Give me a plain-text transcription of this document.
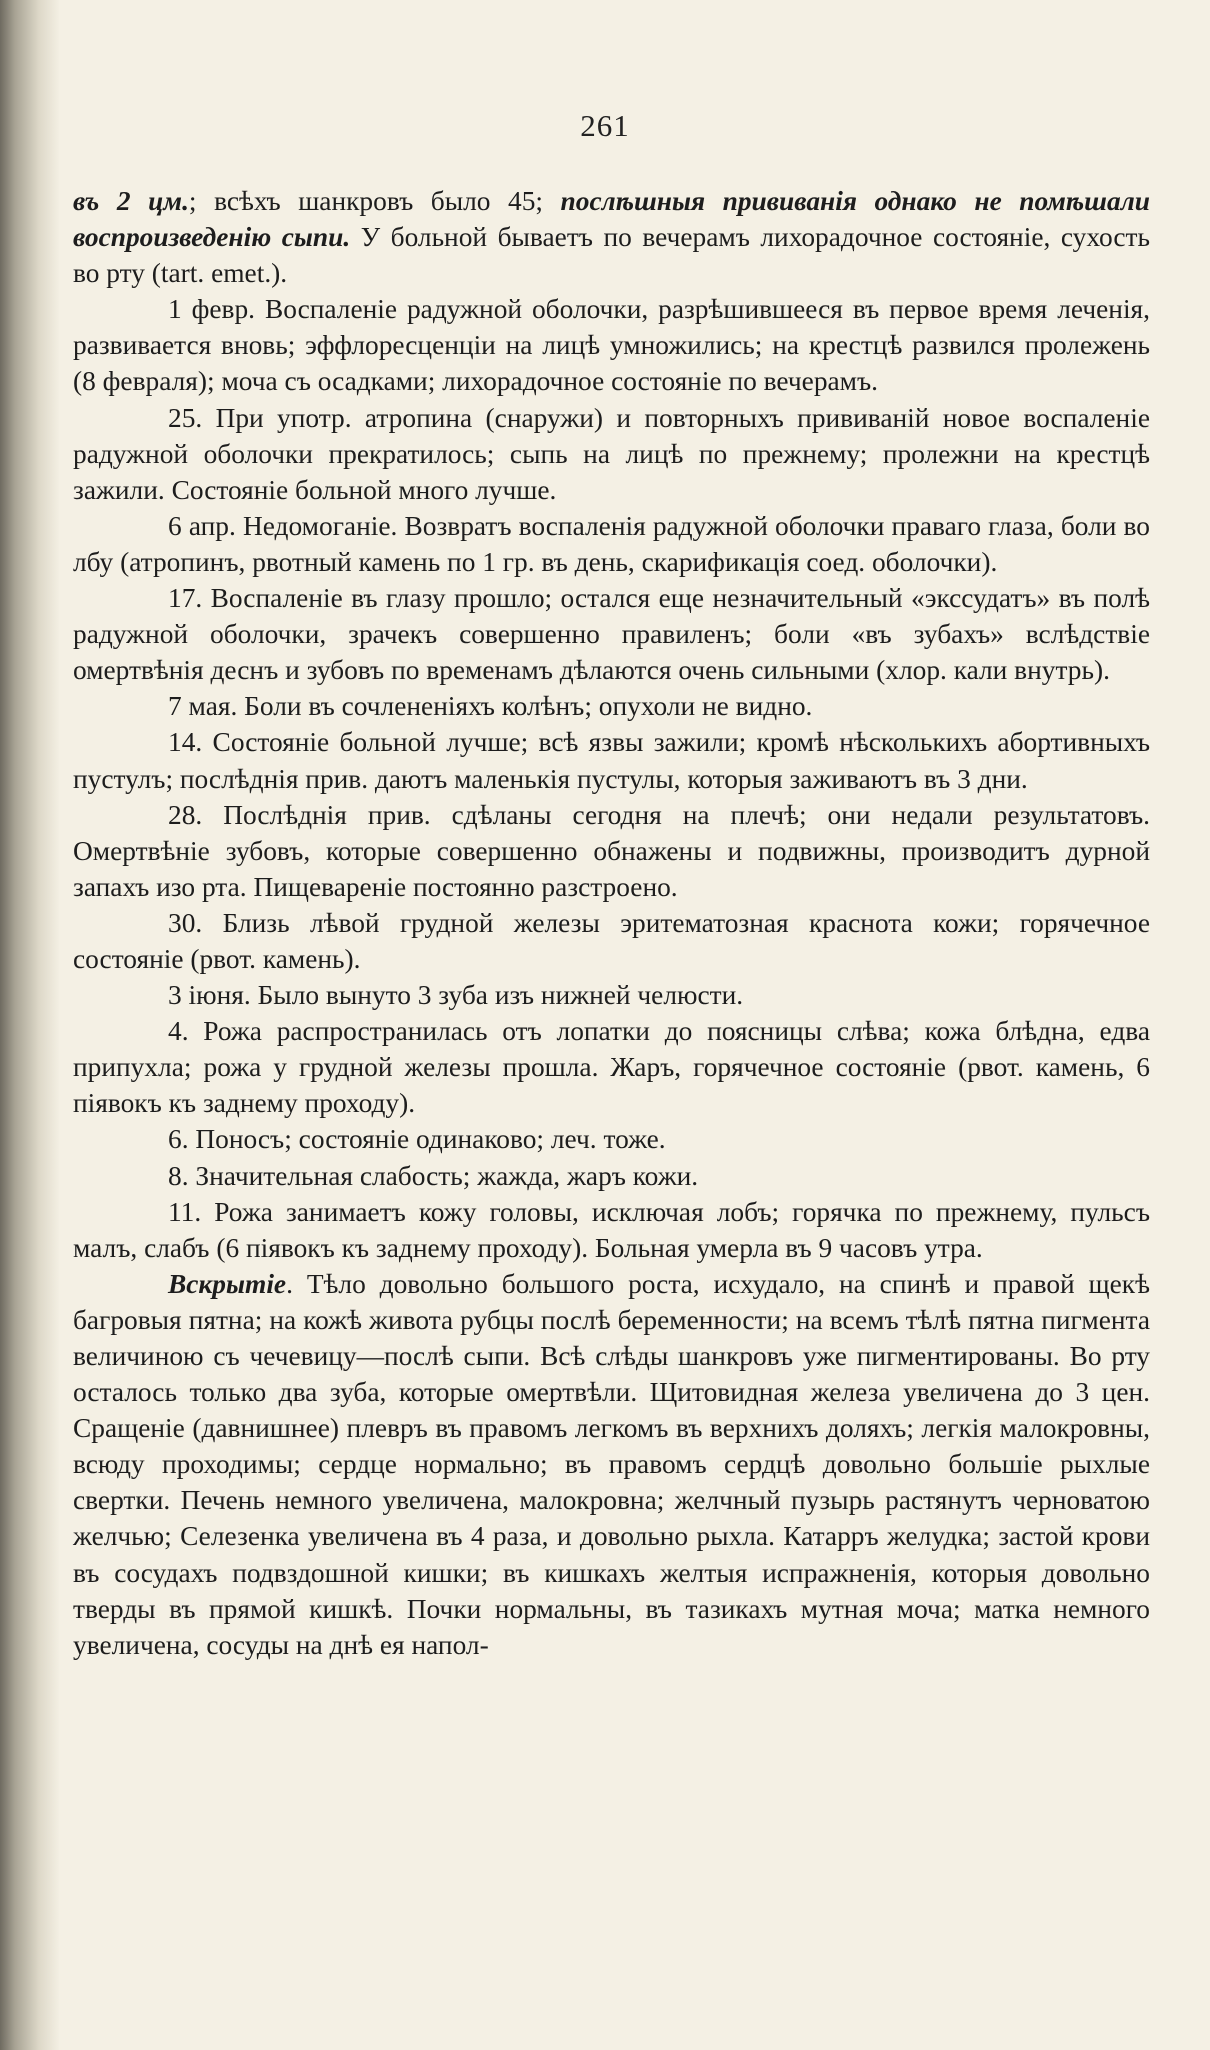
261

въ 2 цм.; всѣхъ шанкровъ было 45; послѣшныя прививанія однако не помѣшали воспроизведенію сыпи. У больной бываетъ по вечерамъ лихорадочное состояніе, сухость во рту (tart. emet.).

1 февр. Воспаленіе радужной оболочки, разрѣшившееся въ первое время леченія, развивается вновь; эффлоресценціи на лицѣ умножились; на крестцѣ развился пролежень (8 февраля); моча съ осадками; лихорадочное состояніе по вечерамъ.

25. При употр. атропина (снаружи) и повторныхъ прививаній новое воспаленіе радужной оболочки прекратилось; сыпь на лицѣ по прежнему; пролежни на крестцѣ зажили. Состояніе больной много лучше.

6 апр. Недомоганіе. Возвратъ воспаленія радужной оболочки праваго глаза, боли во лбу (атропинъ, рвотный камень по 1 гр. въ день, скарификація соед. оболочки).

17. Воспаленіе въ глазу прошло; остался еще незначительный «экссудатъ» въ полѣ радужной оболочки, зрачекъ совершенно правиленъ; боли «въ зубахъ» вслѣдствіе омертвѣнія деснъ и зубовъ по временамъ дѣлаются очень сильными (хлор. кали внутрь).

7 мая. Боли въ сочлененіяхъ колѣнъ; опухоли не видно.

14. Состояніе больной лучше; всѣ язвы зажили; кромѣ нѣсколькихъ абортивныхъ пустулъ; послѣднія прив. даютъ маленькія пустулы, которыя заживаютъ въ 3 дни.

28. Послѣднія прив. сдѣланы сегодня на плечѣ; они недали результатовъ. Омертвѣніе зубовъ, которые совершенно обнажены и подвижны, производитъ дурной запахъ изо рта. Пищевареніе постоянно разстроено.

30. Близь лѣвой грудной железы эритематозная краснота кожи; горячечное состояніе (рвот. камень).

3 іюня. Было вынуто 3 зуба изъ нижней челюсти.

4. Рожа распространилась отъ лопатки до поясницы слѣва; кожа блѣдна, едва припухла; рожа у грудной железы прошла. Жаръ, горячечное состояніе (рвот. камень, 6 піявокъ къ заднему проходу).

6. Поносъ; состояніе одинаково; леч. тоже.

8. Значительная слабость; жажда, жаръ кожи.

11. Рожа занимаетъ кожу головы, исключая лобъ; горячка по прежнему, пульсъ малъ, слабъ (6 піявокъ къ заднему проходу). Больная умерла въ 9 часовъ утра.

Вскрытіе. Тѣло довольно большого роста, исхудало, на спинѣ и правой щекѣ багровыя пятна; на кожѣ живота рубцы послѣ беременности; на всемъ тѣлѣ пятна пигмента величиною съ чечевицу—послѣ сыпи. Всѣ слѣды шанкровъ уже пигментированы. Во рту осталось только два зуба, которые омертвѣли. Щитовидная железа увеличена до 3 цен. Сращеніе (давнишнее) плевръ въ правомъ легкомъ въ верхнихъ доляхъ; легкія малокровны, всюду проходимы; сердце нормально; въ правомъ сердцѣ довольно большіе рыхлые свертки. Печень немного увеличена, малокровна; желчный пузырь растянутъ черноватою желчью; Селезенка увеличена въ 4 раза, и довольно рыхла. Катарръ желудка; застой крови въ сосудахъ подвздошной кишки; въ кишкахъ желтыя испражненія, которыя довольно тверды въ прямой кишкѣ. Почки нормальны, въ тазикахъ мутная моча; матка немного увеличена, сосуды на днѣ ея напол-
